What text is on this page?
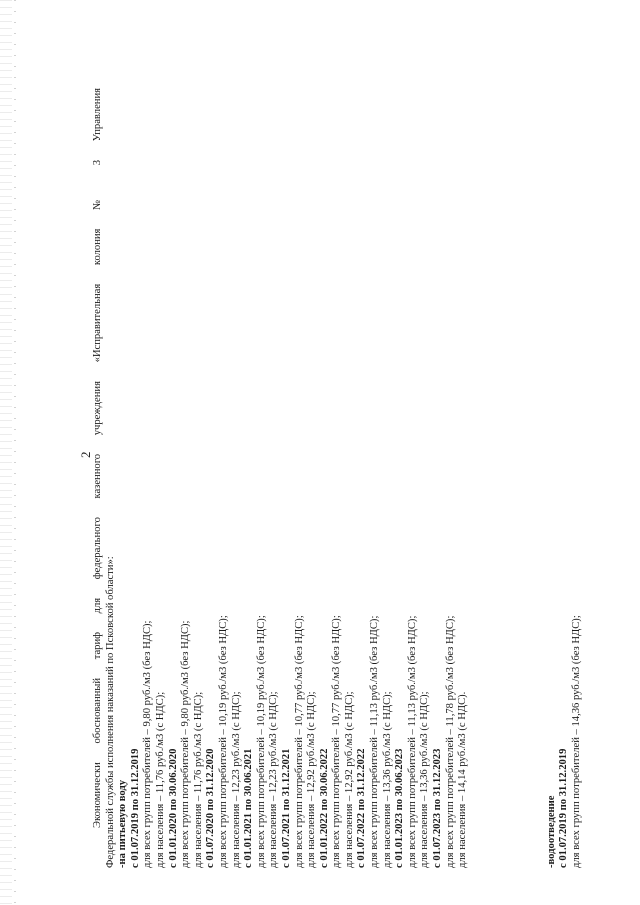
2 Экономически обоснованный тариф для федерального казенного учреждения «Исправительная колония № 3 Управления Федеральной службы исполнения наказаний по Псковской области»: -на питьевую воду с 01.07.2019 по 31.12.2019 для всех групп потребителей – 9,80 руб./м3 (без НДС); для населения – 11,76 руб./м3 (с НДС); с 01.01.2020 по 30.06.2020 для всех групп потребителей – 9,80 руб./м3 (без НДС); для населения – 11,76 руб./м3 (с НДС); с 01.07.2020 по 31.12.2020 для всех групп потребителей – 10,19 руб./м3 (без НДС); для населения – 12,23 руб./м3 (с НДС); с 01.01.2021 по 30.06.2021 для всех групп потребителей – 10,19 руб./м3 (без НДС); для населения – 12,23 руб./м3 (с НДС); с 01.07.2021 по 31.12.2021 для всех групп потребителей – 10,77 руб./м3 (без НДС); для населения – 12,92 руб./м3 (с НДС); с 01.01.2022 по 30.06.2022 для всех групп потребителей – 10,77 руб./м3 (без НДС); для населения – 12,92 руб./м3 (с НДС); с 01.07.2022 по 31.12.2022 для всех групп потребителей – 11,13 руб./м3 (без НДС); для населения – 13,36 руб./м3 (с НДС); с 01.01.2023 по 30.06.2023 для всех групп потребителей – 11,13 руб./м3 (без НДС); для населения – 13,36 руб./м3 (с НДС); с 01.07.2023 по 31.12.2023 для всех групп потребителей – 11,78 руб./м3 (без НДС); для населения – 14,14 руб./м3 (с НДС).	-водоотведение с 01.07.2019 по 31.12.2019 для всех групп потребителей – 14,36 руб./м3 (без НДС);
